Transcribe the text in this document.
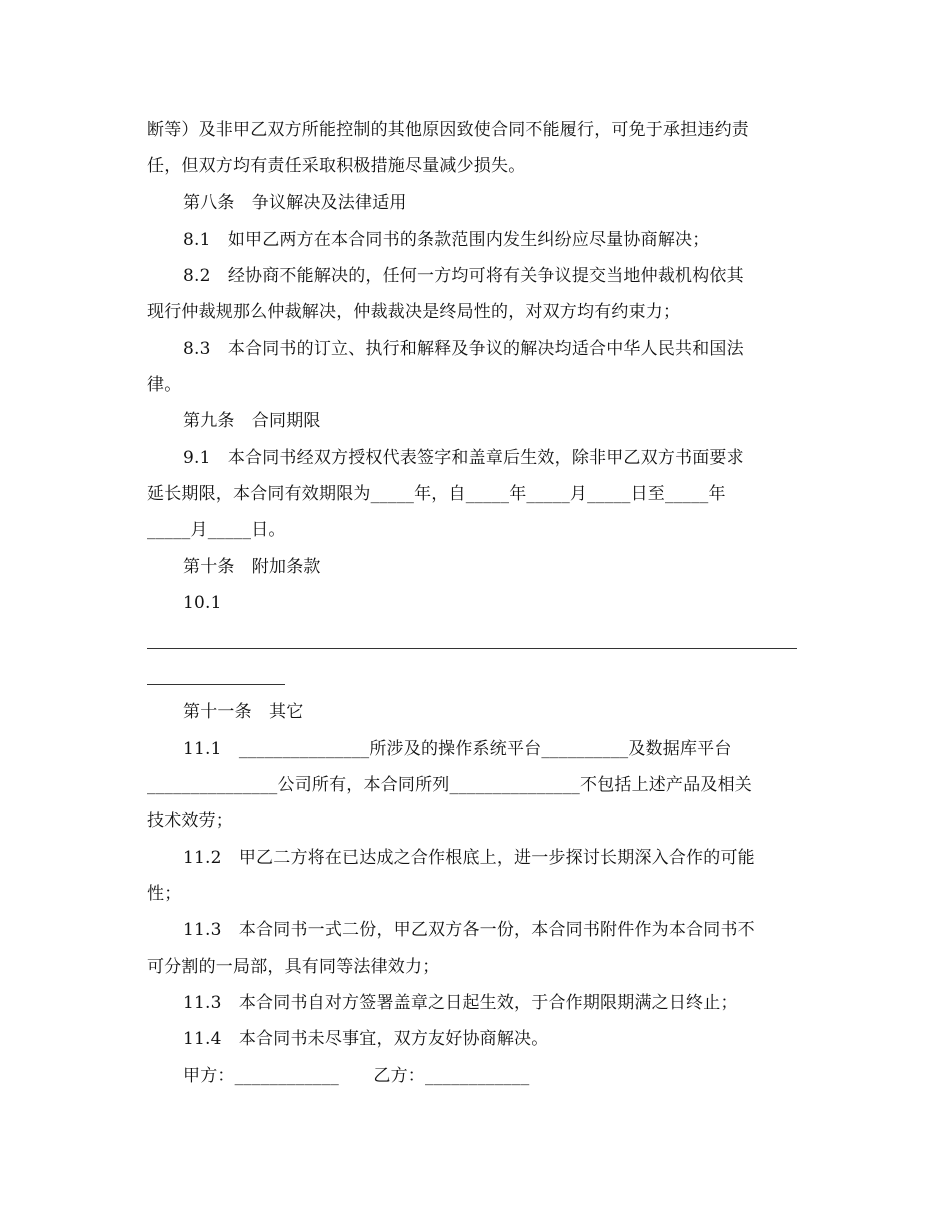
断等）及非甲乙双方所能控制的其他原因致使合同不能履行，可免于承担违约责
任，但双方均有责任采取积极措施尽量减少损失。
第八条　争议解决及法律适用
8.1　如甲乙两方在本合同书的条款范围内发生纠纷应尽量协商解决；
8.2　经协商不能解决的，任何一方均可将有关争议提交当地仲裁机构依其
现行仲裁规那么仲裁解决，仲裁裁决是终局性的，对双方均有约束力；
8.3　本合同书的订立、执行和解释及争议的解决均适合中华人民共和国法
律。
第九条　合同期限
9.1　本合同书经双方授权代表签字和盖章后生效，除非甲乙双方书面要求
延长期限，本合同有效期限为_____年，自_____年_____月_____日至_____年
_____月_____日。
第十条　附加条款
10.1
第十一条　其它
11.1　_______________所涉及的操作系统平台__________及数据库平台
_______________公司所有，本合同所列_______________不包括上述产品及相关
技术效劳；
11.2　甲乙二方将在已达成之合作根底上，进一步探讨长期深入合作的可能
性；
11.3　本合同书一式二份，甲乙双方各一份，本合同书附件作为本合同书不
可分割的一局部，具有同等法律效力；
11.3　本合同书自对方签署盖章之日起生效，于合作期限期满之日终止；
11.4　本合同书未尽事宜，双方友好协商解决。
甲方：____________　　乙方：____________
